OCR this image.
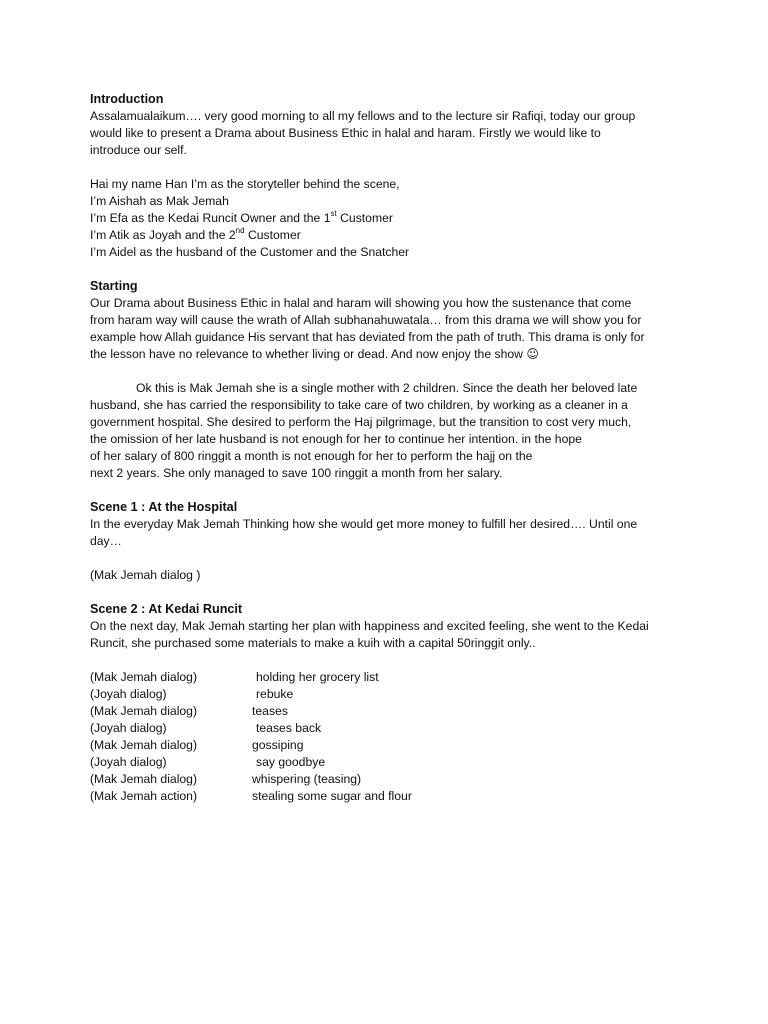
Introduction
Assalamualaikum…. very good morning to all my fellows and to the lecture sir Rafiqi, today our group
would like to present a Drama about Business Ethic in halal and haram. Firstly we would like to
introduce our self.
Hai my name Han I’m as the storyteller behind the scene,
I’m Aishah as Mak Jemah
I’m Efa as the Kedai Runcit Owner and the 1st Customer
I’m Atik as Joyah and the 2nd Customer
I’m Aidel as the husband of the Customer and the Snatcher
Starting
Our Drama about Business Ethic in halal and haram will showing you how the sustenance that come
from haram way will cause the wrath of Allah subhanahuwatala… from this drama we will show you for
example how Allah guidance His servant that has deviated from the path of truth. This drama is only for
the lesson have no relevance to whether living or dead. And now enjoy the show ☺
Ok this is Mak Jemah she is a single mother with 2 children. Since the death her beloved late
husband, she has carried the responsibility to take care of two children, by working as a cleaner in a
government hospital. She desired to perform the Haj pilgrimage, but the transition to cost very much,
the omission of her late husband is not enough for her to continue her intention. in the hope
of her salary of 800 ringgit a month is not enough for her to perform the hajj on the
next 2 years. She only managed to save 100 ringgit a month from her salary.
Scene 1 : At the Hospital
In the everyday Mak Jemah Thinking how she would get more money to fulfill her desired…. Until one
day…
(Mak Jemah dialog )
Scene 2 : At Kedai Runcit
On the next day, Mak Jemah starting her plan with happiness and excited feeling, she went to the Kedai
Runcit, she purchased some materials to make a kuih with a capital 50ringgit only..
(Mak Jemah dialog)	holding her grocery list
(Joyah dialog)	rebuke
(Mak Jemah dialog)	teases
(Joyah dialog)	teases back
(Mak Jemah dialog)	gossiping
(Joyah dialog)	say goodbye
(Mak Jemah dialog)	whispering (teasing)
(Mak Jemah action)	stealing some sugar and flour
